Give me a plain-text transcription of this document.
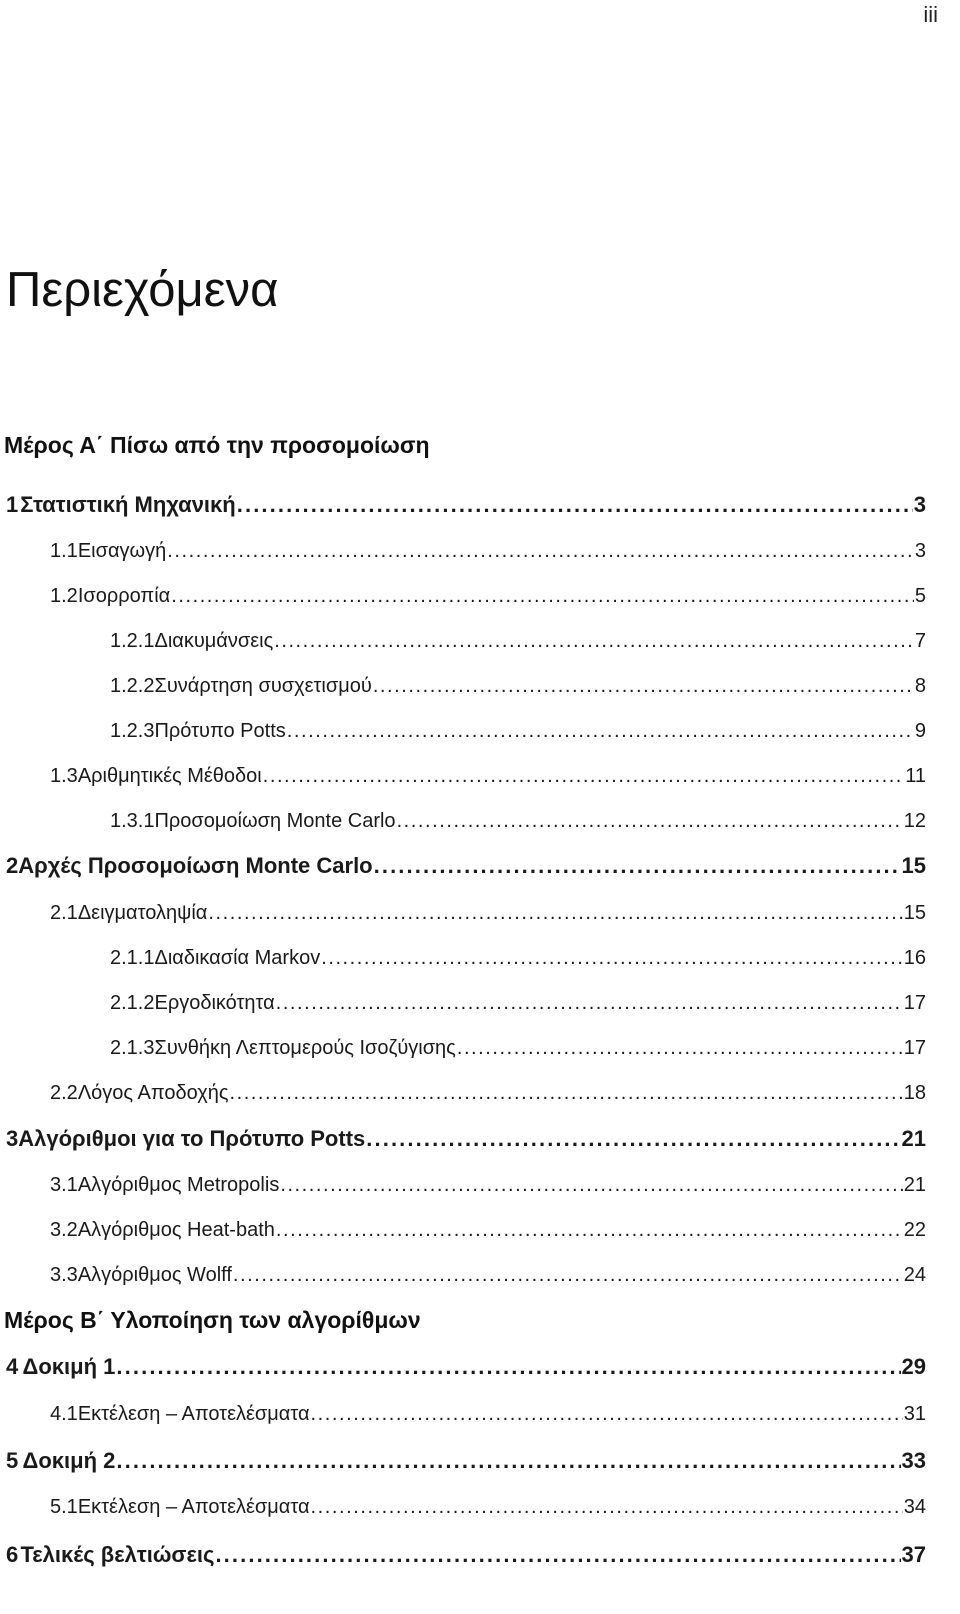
iii
Περιεχόμενα
Μέρος Α΄ Πίσω από την προσομοίωση
Μέρος Β΄ Υλοποίηση των αλγορίθμων
1 Στατιστική Μηχανική . . .	3
1.1 Εισαγωγή . . .	3
1.2 Ισορροπία . . .	5
1.2.1 Διακυμάνσεις . . .	7
1.2.2 Συνάρτηση συσχετισμού . . .	8
1.2.3 Πρότυπο Potts . . .	9
1.3 Αριθμητικές Μέθοδοι . . .	11
1.3.1 Προσομοίωση Monte Carlo . . .	12
2 Αρχές Προσομοίωση Monte Carlo . . .	15
2.1 Δειγματοληψία . . .	15
2.1.1 Διαδικασία Markov . . .	16
2.1.2 Εργοδικότητα . . .	17
2.1.3 Συνθήκη Λεπτομερούς Ισοζύγισης . . .	17
2.2 Λόγος Αποδοχής . . .	18
3 Αλγόριθμοι για το Πρότυπο Potts . . .	21
3.1 Αλγόριθμος Metropolis . . .	21
3.2 Αλγόριθμος Heat-bath . . .	22
3.3 Αλγόριθμος Wolff . . .	24
4 Δοκιμή 1 . . .	29
4.1 Εκτέλεση – Αποτελέσματα . . .	31
5 Δοκιμή 2 . . .	33
5.1 Εκτέλεση – Αποτελέσματα . . .	34
6 Τελικές βελτιώσεις . . .	37
